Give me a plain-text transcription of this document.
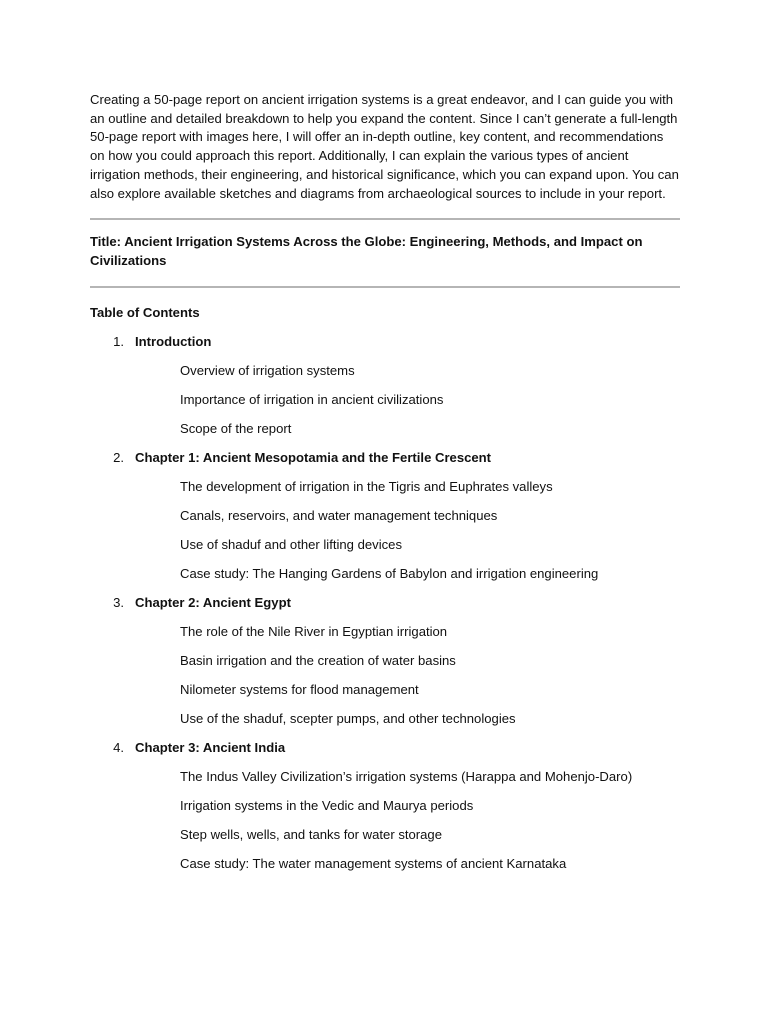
Creating a 50-page report on ancient irrigation systems is a great endeavor, and I can guide you with an outline and detailed breakdown to help you expand the content. Since I can’t generate a full-length 50-page report with images here, I will offer an in-depth outline, key content, and recommendations on how you could approach this report. Additionally, I can explain the various types of ancient irrigation methods, their engineering, and historical significance, which you can expand upon. You can also explore available sketches and diagrams from archaeological sources to include in your report.

Title: Ancient Irrigation Systems Across the Globe: Engineering, Methods, and Impact on Civilizations

Table of Contents

1. Introduction
Overview of irrigation systems
Importance of irrigation in ancient civilizations
Scope of the report
2. Chapter 1: Ancient Mesopotamia and the Fertile Crescent
The development of irrigation in the Tigris and Euphrates valleys
Canals, reservoirs, and water management techniques
Use of shaduf and other lifting devices
Case study: The Hanging Gardens of Babylon and irrigation engineering
3. Chapter 2: Ancient Egypt
The role of the Nile River in Egyptian irrigation
Basin irrigation and the creation of water basins
Nilometer systems for flood management
Use of the shaduf, scepter pumps, and other technologies
4. Chapter 3: Ancient India
The Indus Valley Civilization’s irrigation systems (Harappa and Mohenjo-Daro)
Irrigation systems in the Vedic and Maurya periods
Step wells, wells, and tanks for water storage
Case study: The water management systems of ancient Karnataka
